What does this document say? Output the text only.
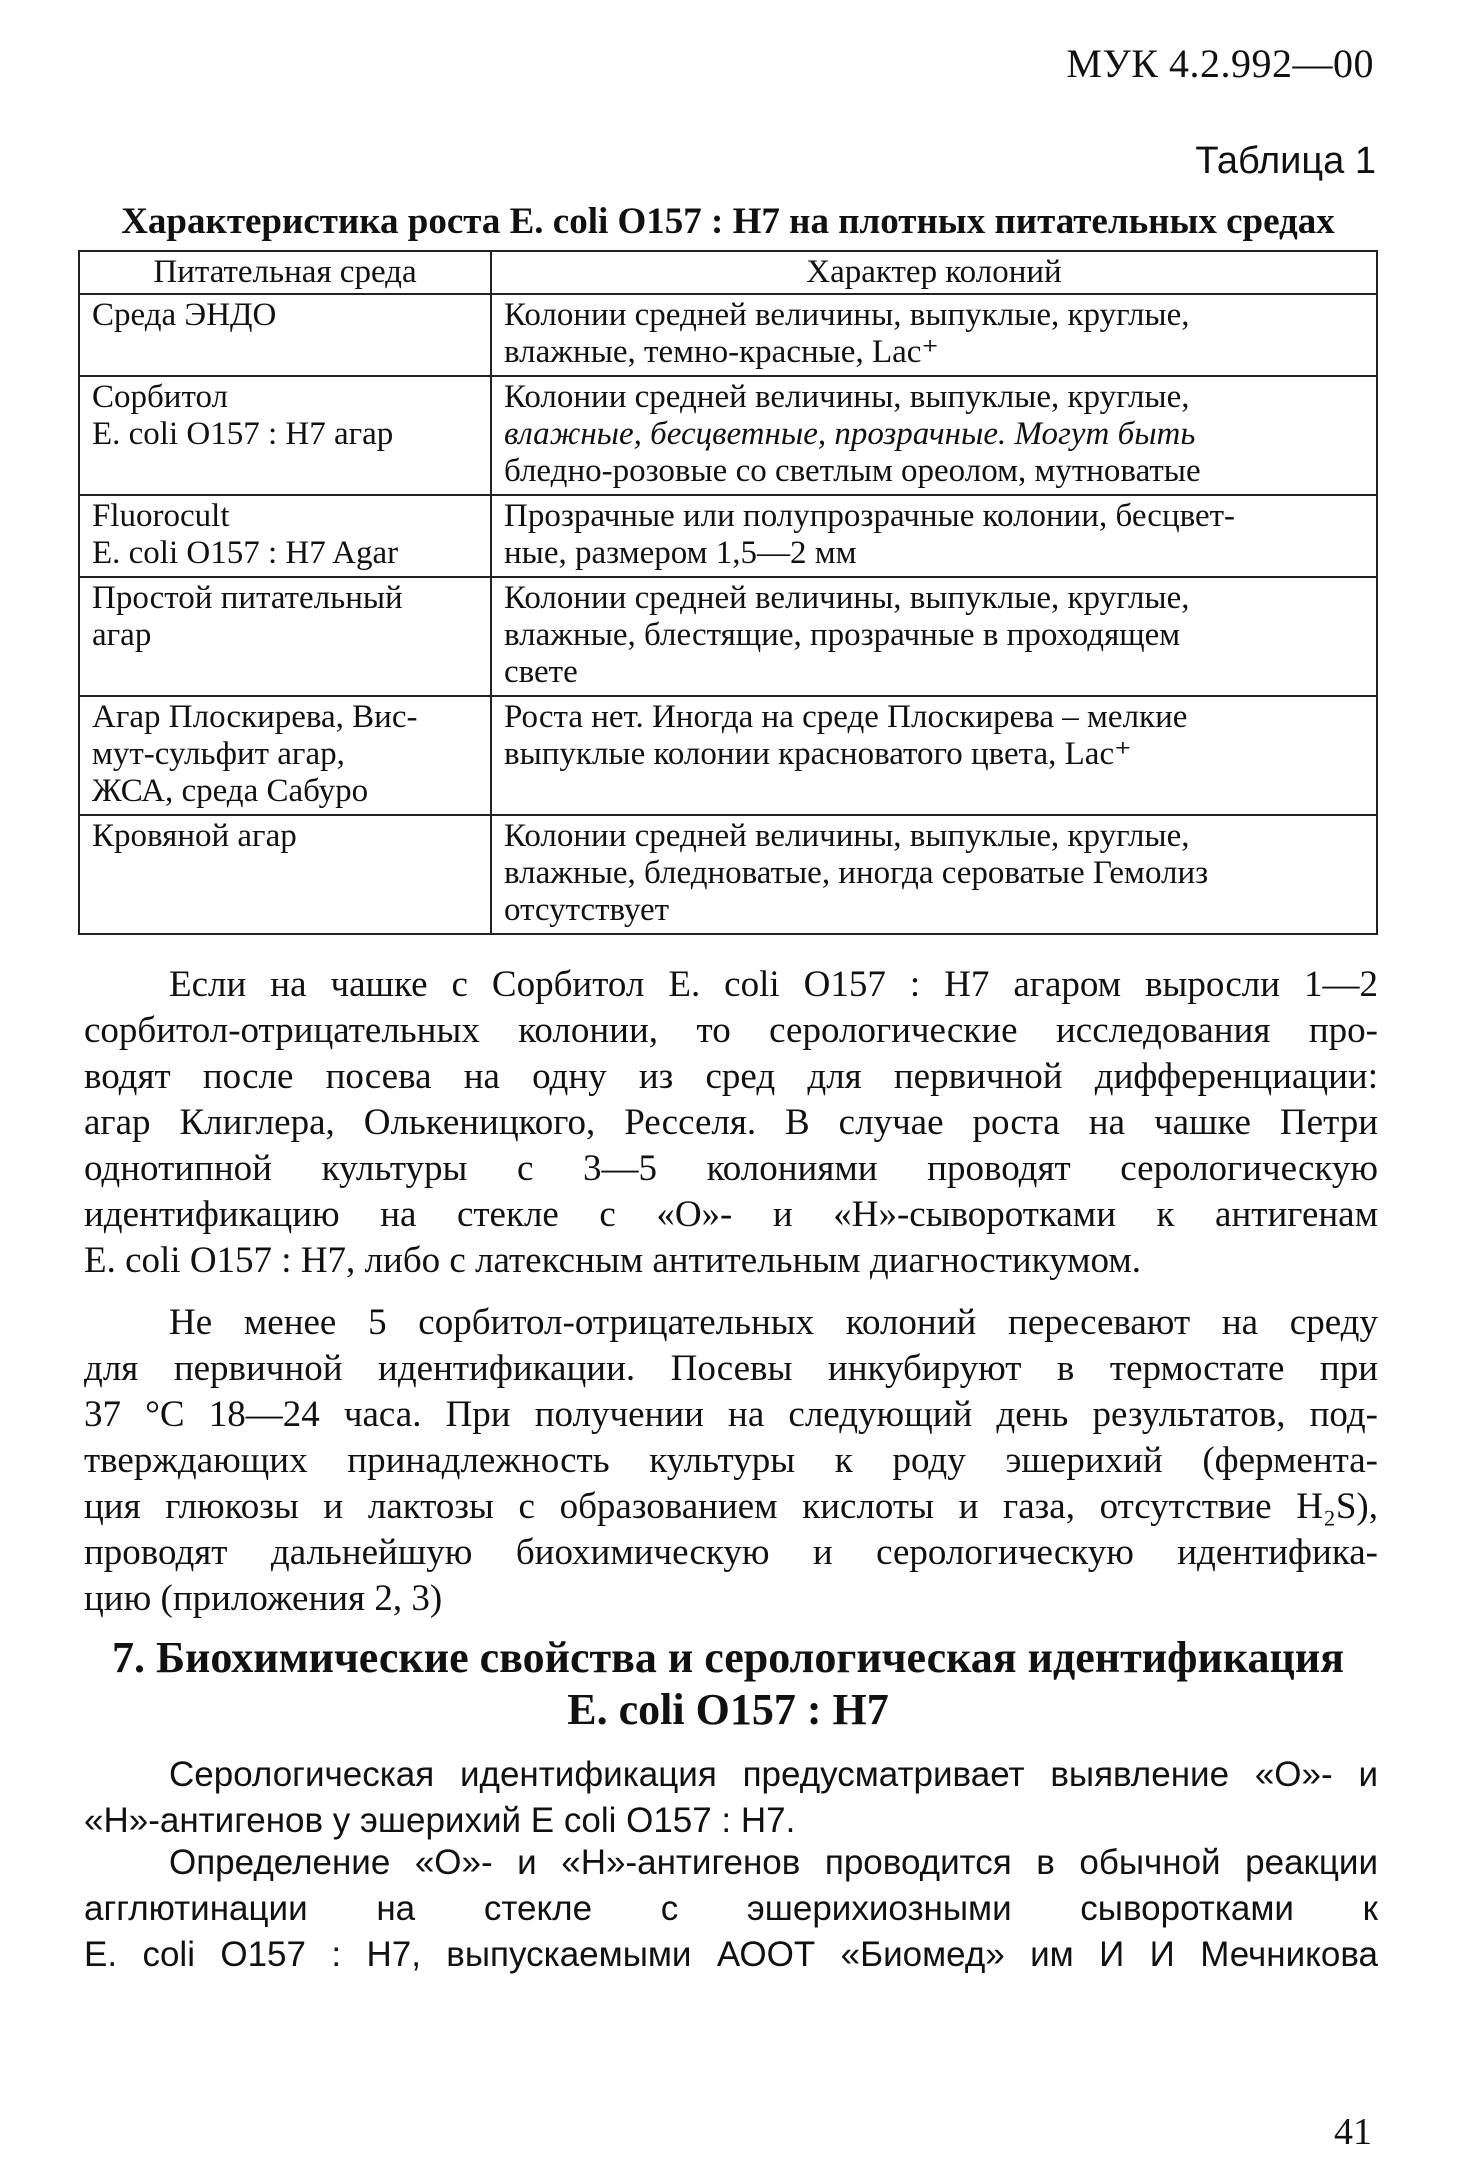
МУК 4.2.992—00
Таблица 1
Характеристика роста E. coli O157 : H7 на плотных питательных средах
Питательная среда	Характер колоний

Среда ЭНДО	Колонии средней величины, выпуклые, круглые,
влажные, темно-красные, Lac⁺

Сорбитол
E. coli O157 : H7 агар	Колонии средней величины, выпуклые, круглые,
влажные, бесцветные, прозрачные. Могут быть
бледно-розовые со светлым ореолом, мутноватые

Fluorocult
E. coli O157 : H7 Agar	Прозрачные или полупрозрачные колонии, бесцвет-
ные, размером 1,5—2 мм

Простой питательный
агар	Колонии средней величины, выпуклые, круглые,
влажные, блестящие, прозрачные в проходящем
свете

Агар Плоскирева, Вис-
мут-сульфит агар,
ЖСА, среда Сабуро	Роста нет. Иногда на среде Плоскирева – мелкие
выпуклые колонии красноватого цвета, Lac⁺

Кровяной агар	Колонии средней величины, выпуклые, круглые,
влажные, бледноватые, иногда сероватые Гемолиз
отсутствует
Если на чашке с Сорбитол E. coli O157 : H7 агаром выросли 1—2
сорбитол-отрицательных колонии, то серологические исследования про-
водят после посева на одну из сред для первичной дифференциации:
агар Клиглера, Олькеницкого, Ресселя. В случае роста на чашке Петри
однотипной культуры с 3—5 колониями проводят серологическую
идентификацию на стекле с «О»- и «Н»-сыворотками к антигенам
E. coli O157 : H7, либо с латексным антительным диагностикумом.
Не менее 5 сорбитол-отрицательных колоний пересевают на среду
для первичной идентификации. Посевы инкубируют в термостате при
37 °С 18—24 часа. При получении на следующий день результатов, под-
тверждающих принадлежность культуры к роду эшерихий (фермента-
ция глюкозы и лактозы с образованием кислоты и газа, отсутствие H₂S),
проводят дальнейшую биохимическую и серологическую идентифика-
цию (приложения 2, 3)
7. Биохимические свойства и серологическая идентификация
E. coli O157 : H7
Серологическая идентификация предусматривает выявление «О»- и
«Н»-антигенов у эшерихий E coli O157 : H7.
Определение «О»- и «Н»-антигенов проводится в обычной реакции
агглютинации на стекле с эшерихиозными сыворотками к
E. coli O157 : H7, выпускаемыми АООТ «Биомед» им И И Мечникова
41
